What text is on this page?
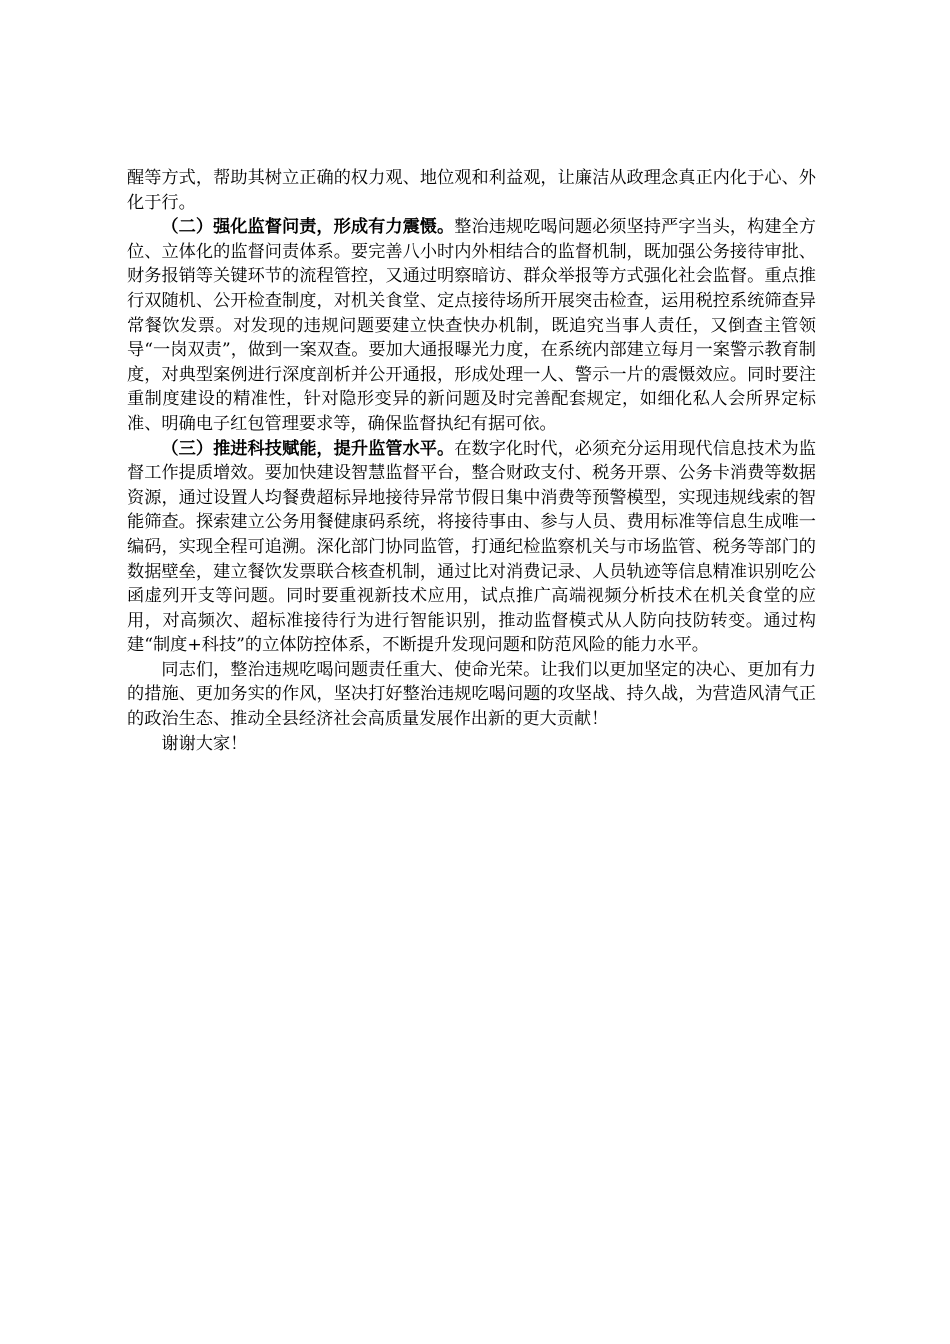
醒等方式，帮助其树立正确的权力观、地位观和利益观，让廉洁从政理念真正内化于心、外化于行。

（二）强化监督问责，形成有力震慑。整治违规吃喝问题必须坚持严字当头，构建全方位、立体化的监督问责体系。要完善八小时内外相结合的监督机制，既加强公务接待审批、财务报销等关键环节的流程管控，又通过明察暗访、群众举报等方式强化社会监督。重点推行双随机、公开检查制度，对机关食堂、定点接待场所开展突击检查，运用税控系统筛查异常餐饮发票。对发现的违规问题要建立快查快办机制，既追究当事人责任，又倒查主管领导“一岗双责”，做到一案双查。要加大通报曝光力度，在系统内部建立每月一案警示教育制度，对典型案例进行深度剖析并公开通报，形成处理一人、警示一片的震慑效应。同时要注重制度建设的精准性，针对隐形变异的新问题及时完善配套规定，如细化私人会所界定标准、明确电子红包管理要求等，确保监督执纪有据可依。

（三）推进科技赋能，提升监管水平。在数字化时代，必须充分运用现代信息技术为监督工作提质增效。要加快建设智慧监督平台，整合财政支付、税务开票、公务卡消费等数据资源，通过设置人均餐费超标异地接待异常节假日集中消费等预警模型，实现违规线索的智能筛查。探索建立公务用餐健康码系统，将接待事由、参与人员、费用标准等信息生成唯一编码，实现全程可追溯。深化部门协同监管，打通纪检监察机关与市场监管、税务等部门的数据壁垒，建立餐饮发票联合核查机制，通过比对消费记录、人员轨迹等信息精准识别吃公函虚列开支等问题。同时要重视新技术应用，试点推广高端视频分析技术在机关食堂的应用，对高频次、超标准接待行为进行智能识别，推动监督模式从人防向技防转变。通过构建“制度+科技”的立体防控体系，不断提升发现问题和防范风险的能力水平。

同志们，整治违规吃喝问题责任重大、使命光荣。让我们以更加坚定的决心、更加有力的措施、更加务实的作风，坚决打好整治违规吃喝问题的攻坚战、持久战，为营造风清气正的政治生态、推动全县经济社会高质量发展作出新的更大贡献！

谢谢大家！
